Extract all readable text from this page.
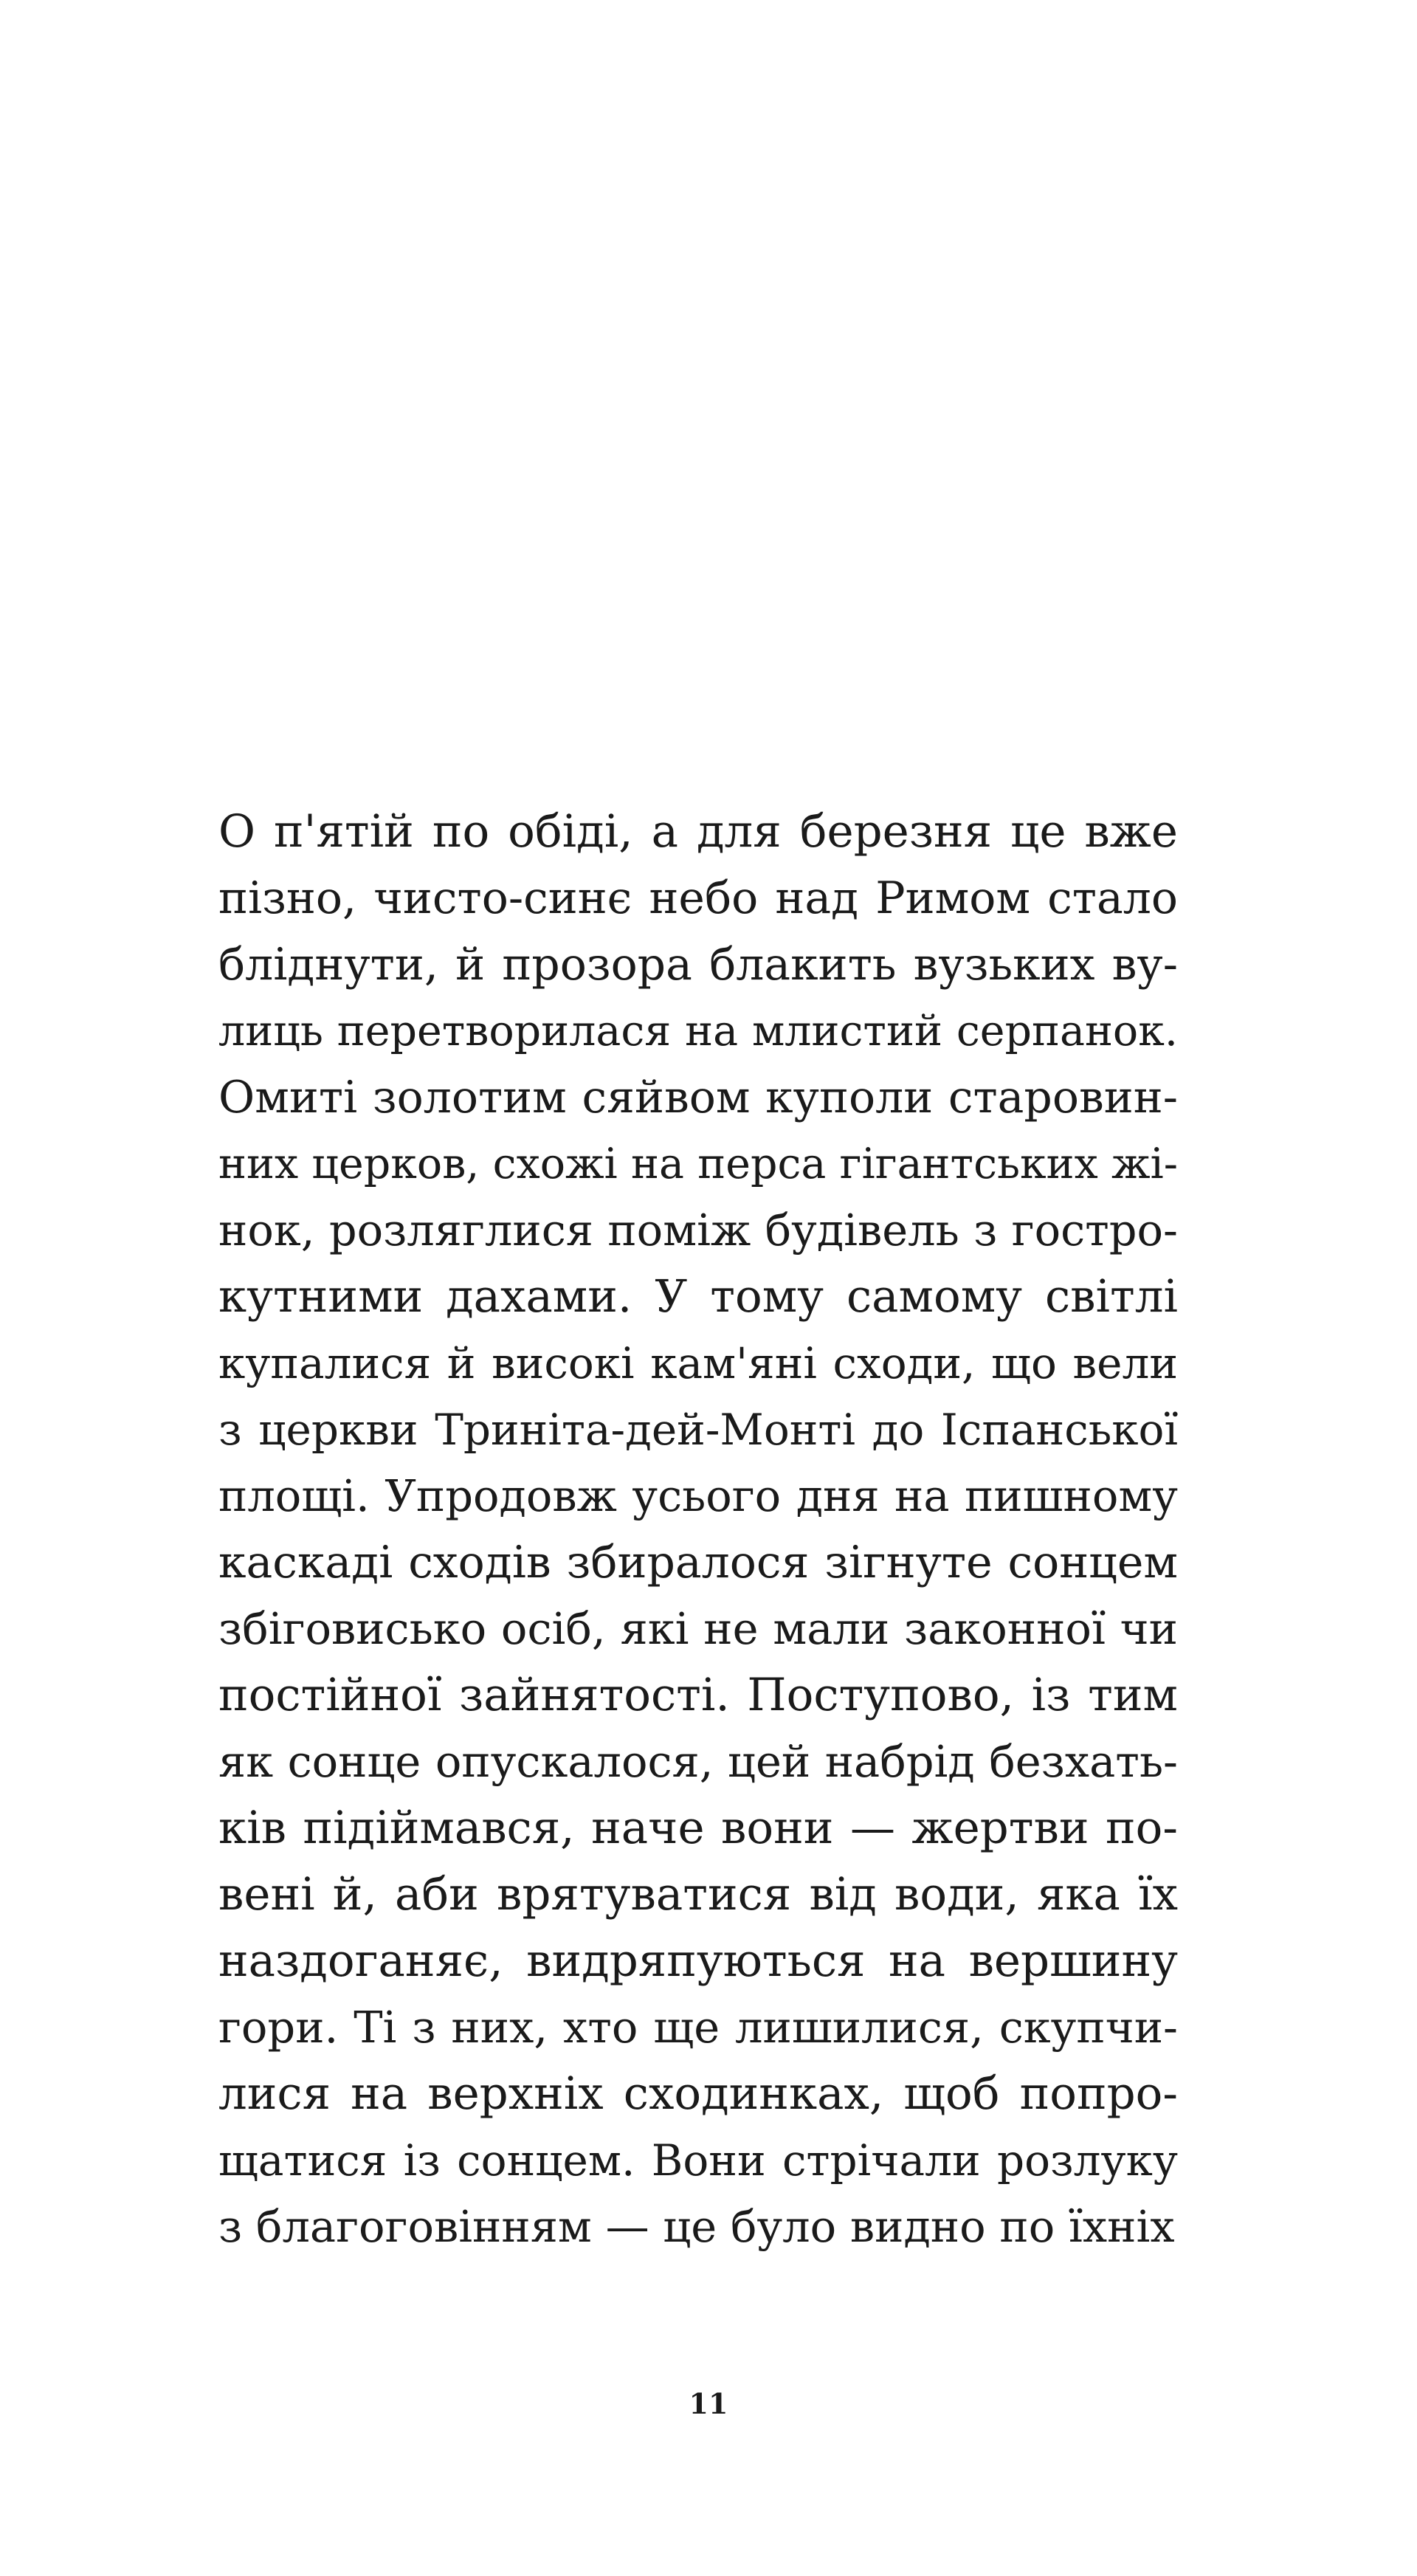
О п'ятій по обіді, а для березня це вже
пізно, чисто-синє небо над Римом стало
бліднути, й прозора блакить вузьких ву-
лиць перетворилася на млистий серпанок.
Омиті золотим сяйвом куполи старовин-
них церков, схожі на перса гігантських жі-
нок, розляглися поміж будівель з гостро-
кутними дахами. У тому самому світлі
купалися й високі кам'яні сходи, що вели
з церкви Триніта-дей-Монті до Іспанської
площі. Упродовж усього дня на пишному
каскаді сходів збиралося зігнуте сонцем
збіговисько осіб, які не мали законної чи
постійної зайнятості. Поступово, із тим
як сонце опускалося, цей набрід безхать-
ків підіймався, наче вони — жертви по-
вені й, аби врятуватися від води, яка їх
наздоганяє, видряпуються на вершину
гори. Ті з них, хто ще лишилися, скупчи-
лися на верхніх сходинках, щоб попро-
щатися із сонцем. Вони стрічали розлуку
з благоговінням — це було видно по їхніх
11
